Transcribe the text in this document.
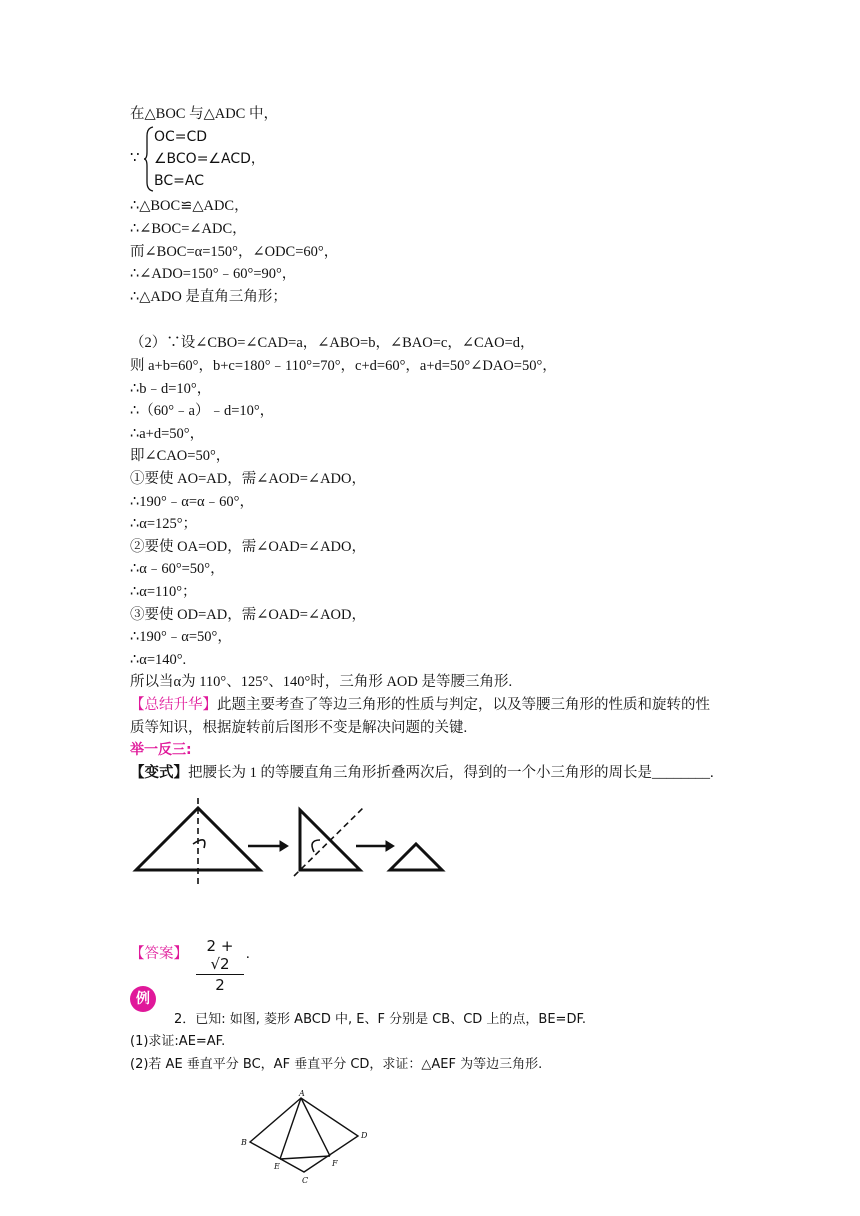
在△BOC 与△ADC 中，
∵
OC=CD
∠BCO=∠ACD，
BC=AC
∴△BOC≌△ADC，
∴∠BOC=∠ADC，
而∠BOC=α=150°，∠ODC=60°，
∴∠ADO=150°﹣60°=90°，
∴△ADO 是直角三角形；
（2）∵设∠CBO=∠CAD=a，∠ABO=b，∠BAO=c，∠CAO=d，
则 a+b=60°，b+c=180°﹣110°=70°，c+d=60°，a+d=50°∠DAO=50°，
∴b﹣d=10°，
∴（60°﹣a）﹣d=10°，
∴a+d=50°，
即∠CAO=50°，
①要使 AO=AD，需∠AOD=∠ADO，
∴190°﹣α=α﹣60°，
∴α=125°；
②要使 OA=OD，需∠OAD=∠ADO，
∴α﹣60°=50°，
∴α=110°；
③要使 OD=AD，需∠OAD=∠AOD，
∴190°﹣α=50°，
∴α=140°.
所以当α为 110°、125°、140°时，三角形 AOD 是等腰三角形.
【总结升华】此题主要考查了等边三角形的性质与判定，以及等腰三角形的性质和旋转的性
质等知识，根据旋转前后图形不变是解决问题的关键.
举一反三:
【变式】把腰长为 1 的等腰直角三角形折叠两次后，得到的一个小三角形的周长是________.
【答案】 $\frac{2 + √2}{2}$ .
例
2．已知: 如图, 菱形 ABCD 中, E、F 分别是 CB、CD 上的点，BE=DF.
(1)求证:AE=AF.
(2)若 AE 垂直平分 BC，AF 垂直平分 CD，求证：△AEF 为等边三角形.
A
B
C
D
E	F
